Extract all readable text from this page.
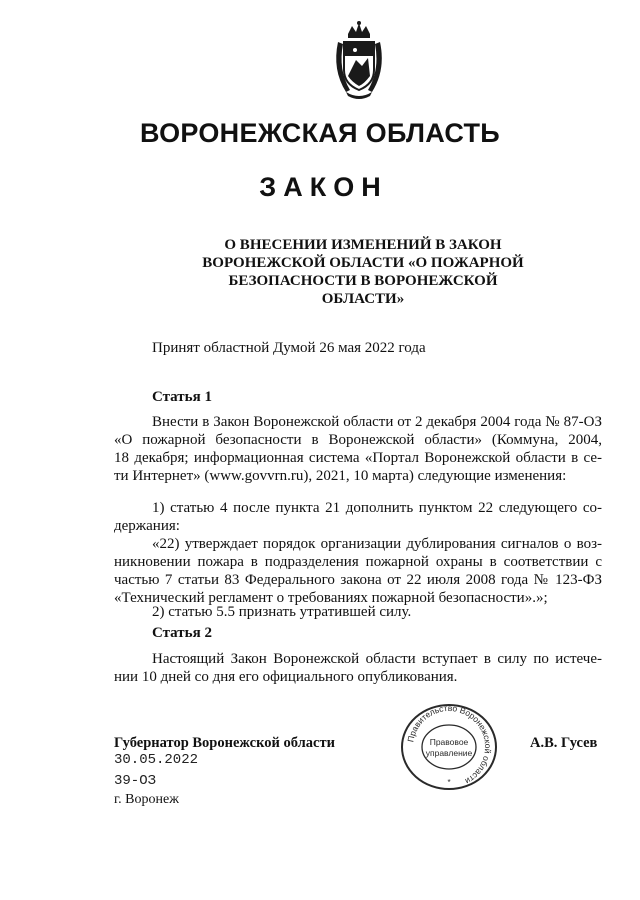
ВОРОНЕЖСКАЯ ОБЛАСТЬ
ЗАКОН
О ВНЕСЕНИИ ИЗМЕНЕНИЙ В ЗАКОН
ВОРОНЕЖСКОЙ ОБЛАСТИ «О ПОЖАРНОЙ
БЕЗОПАСНОСТИ В ВОРОНЕЖСКОЙ
ОБЛАСТИ»
Принят областной Думой 26 мая 2022 года
Статья 1
Внести в Закон Воронежской области от 2 декабря 2004 года № 87-ОЗ
«О пожарной безопасности в Воронежской области» (Коммуна, 2004,
18 декабря; информационная система «Портал Воронежской области в се-
ти Интернет» (www.govvrn.ru), 2021, 10 марта) следующие изменения:
1) статью 4 после пункта 21 дополнить пунктом 22 следующего со-
держания:
«22) утверждает порядок организации дублирования сигналов о воз-
никновении пожара в подразделения пожарной охраны в соответствии с
частью 7 статьи 83 Федерального закона от 22 июля 2008 года № 123-ФЗ
«Технический регламент о требованиях пожарной безопасности».»;
2) статью 5.5 признать утратившей силу.
Статья 2
Настоящий Закон Воронежской области вступает в силу по истече-
нии 10 дней со дня его официального опубликования.
Правительство Воронежской области
Правовое
управление
*
Губернатор Воронежской области	А.В. Гусев
30.05.2022
39-ОЗ
г. Воронеж
